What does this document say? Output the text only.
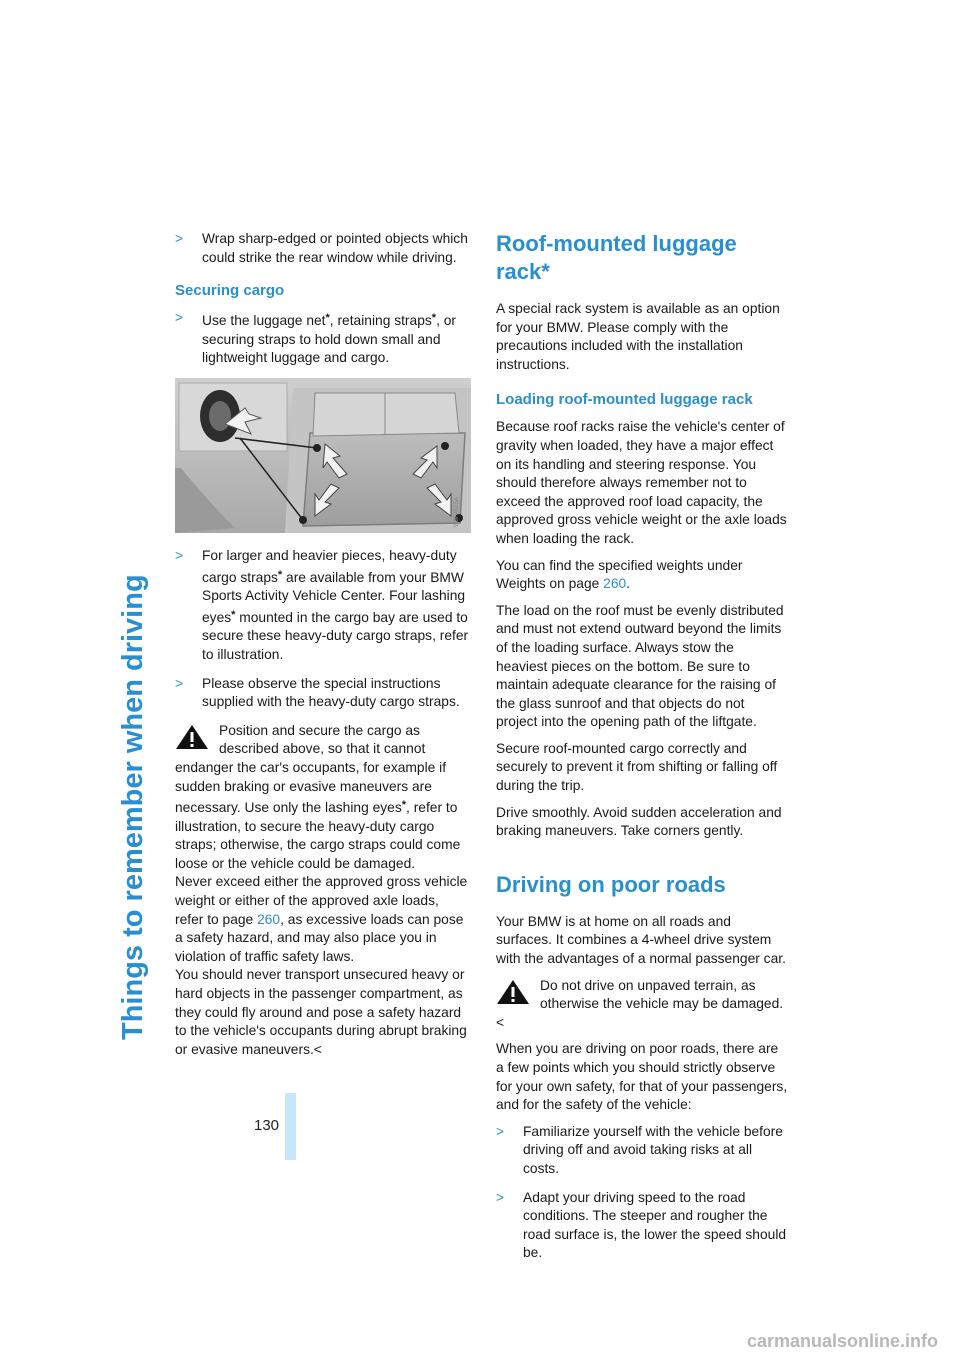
Things to remember when driving
130
> Wrap sharp-edged or pointed objects which could strike the rear window while driving.
Securing cargo
> Use the luggage net*, retaining straps*, or securing straps to hold down small and lightweight luggage and cargo.
W9F4525A
> For larger and heavier pieces, heavy-duty cargo straps* are available from your BMW Sports Activity Vehicle Center. Four lashing eyes* mounted in the cargo bay are used to secure these heavy-duty cargo straps, refer to illustration.
> Please observe the special instructions supplied with the heavy-duty cargo straps.

Position and secure the cargo as described above, so that it cannot endanger the car's occupants, for example if sudden braking or evasive maneuvers are necessary. Use only the lashing eyes*, refer to illustration, to secure the heavy-duty cargo straps; otherwise, the cargo straps could come loose or the vehicle could be damaged.

Never exceed either the approved gross vehicle weight or either of the approved axle loads, refer to page 260, as excessive loads can pose a safety hazard, and may also place you in violation of traffic safety laws.

You should never transport unsecured heavy or hard objects in the passenger compartment, as they could fly around and pose a safety hazard to the vehicle's occupants during abrupt braking or evasive maneuvers.<

Roof-mounted luggage rack*

A special rack system is available as an option for your BMW. Please comply with the precautions included with the installation instructions.

Loading roof-mounted luggage rack

Because roof racks raise the vehicle's center of gravity when loaded, they have a major effect on its handling and steering response. You should therefore always remember not to exceed the approved roof load capacity, the approved gross vehicle weight or the axle loads when loading the rack.

You can find the specified weights under Weights on page 260.

The load on the roof must be evenly distributed and must not extend outward beyond the limits of the loading surface. Always stow the heaviest pieces on the bottom. Be sure to maintain adequate clearance for the raising of the glass sunroof and that objects do not project into the opening path of the liftgate.

Secure roof-mounted cargo correctly and securely to prevent it from shifting or falling off during the trip.

Drive smoothly. Avoid sudden acceleration and braking maneuvers. Take corners gently.

Driving on poor roads

Your BMW is at home on all roads and surfaces. It combines a 4-wheel drive system with the advantages of a normal passenger car.

Do not drive on unpaved terrain, as otherwise the vehicle may be damaged.<

When you are driving on poor roads, there are a few points which you should strictly observe for your own safety, for that of your passengers, and for the safety of the vehicle:

> Familiarize yourself with the vehicle before driving off and avoid taking risks at all costs.
> Adapt your driving speed to the road conditions. The steeper and rougher the road surface is, the lower the speed should be.
carmanualsonline.info
